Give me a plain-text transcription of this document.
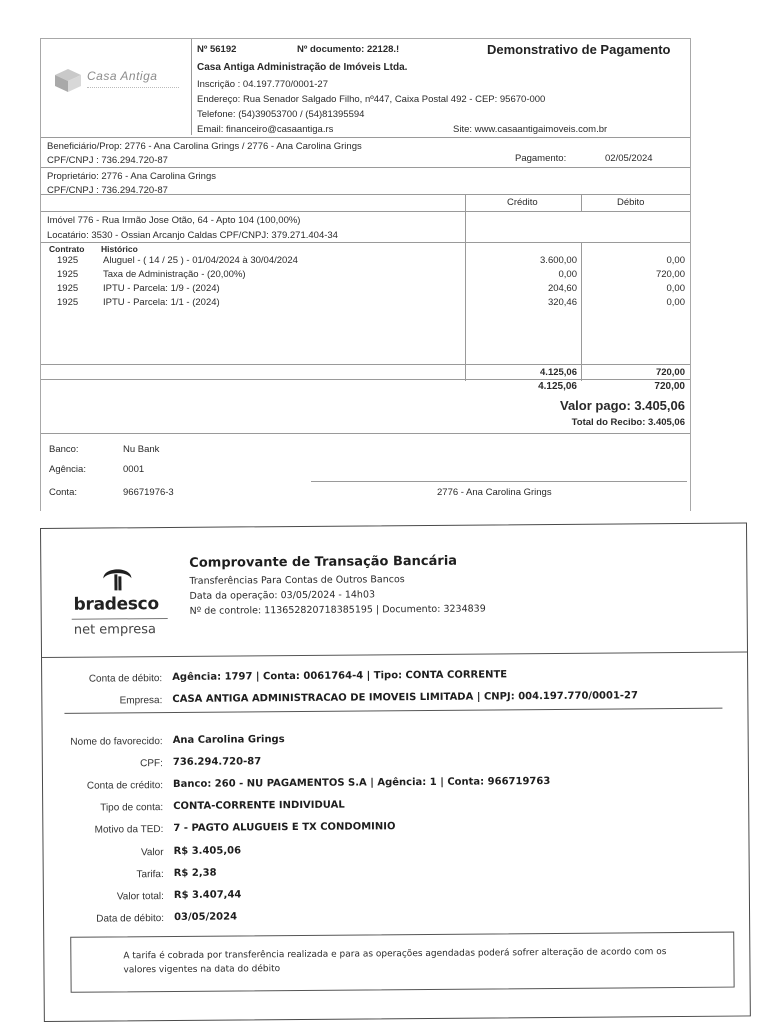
Casa Antiga
Nº 56192	Nº documento: 22128.!	Demonstrativo de Pagamento
Casa Antiga Administração de Imóveis Ltda.
Inscrição : 04.197.770/0001-27
Endereço: Rua Senador Salgado Filho, nº447, Caixa Postal 492 - CEP: 95670-000
Telefone: (54)39053700 / (54)81395594
Email: financeiro@casaantiga.rs	Site: www.casaantigaimoveis.com.br
Beneficiário/Prop: 2776 - Ana Carolina Grings / 2776 - Ana Carolina Grings
CPF/CNPJ : 736.294.720-87	Pagamento:	02/05/2024
Proprietário: 2776 - Ana Carolina Grings
CPF/CNPJ : 736.294.720-87
Crédito	Débito
Imóvel 776 - Rua Irmão Jose Otão, 64 - Apto 104 (100,00%)
Locatário: 3530 - Ossian Arcanjo Caldas CPF/CNPJ: 379.271.404-34
Contrato Histórico
1925	Aluguel - ( 14 / 25 ) - 01/04/2024 à 30/04/2024	3.600,00	0,00
1925	Taxa de Administração - (20,00%)	0,00	720,00
1925	IPTU - Parcela: 1/9 - (2024)	204,60	0,00
1925	IPTU - Parcela: 1/1 - (2024)	320,46	0,00
4.125,06	720,00
4.125,06	720,00
Valor pago: 3.405,06
Total do Recibo: 3.405,06
Banco:	Nu Bank
Agência:	0001
Conta:	96671976-3	2776 - Ana Carolina Grings
bradesco
net empresa
Comprovante de Transação Bancária
Transferências Para Contas de Outros Bancos
Data da operação: 03/05/2024 - 14h03
Nº de controle: 113652820718385195 | Documento: 3234839
Conta de débito: Agência: 1797 | Conta: 0061764-4 | Tipo: CONTA CORRENTE
Empresa: CASA ANTIGA ADMINISTRACAO DE IMOVEIS LIMITADA | CNPJ: 004.197.770/0001-27
Nome do favorecido: Ana Carolina Grings
CPF: 736.294.720-87
Conta de crédito: Banco: 260 - NU PAGAMENTOS S.A | Agência: 1 | Conta: 966719763
Tipo de conta: CONTA-CORRENTE INDIVIDUAL
Motivo da TED: 7 - PAGTO ALUGUEIS E TX CONDOMINIO
Valor R$ 3.405,06
Tarifa: R$ 2,38
Valor total: R$ 3.407,44
Data de débito: 03/05/2024
A tarifa é cobrada por transferência realizada e para as operações agendadas poderá sofrer alteração de acordo com os
valores vigentes na data do débito
